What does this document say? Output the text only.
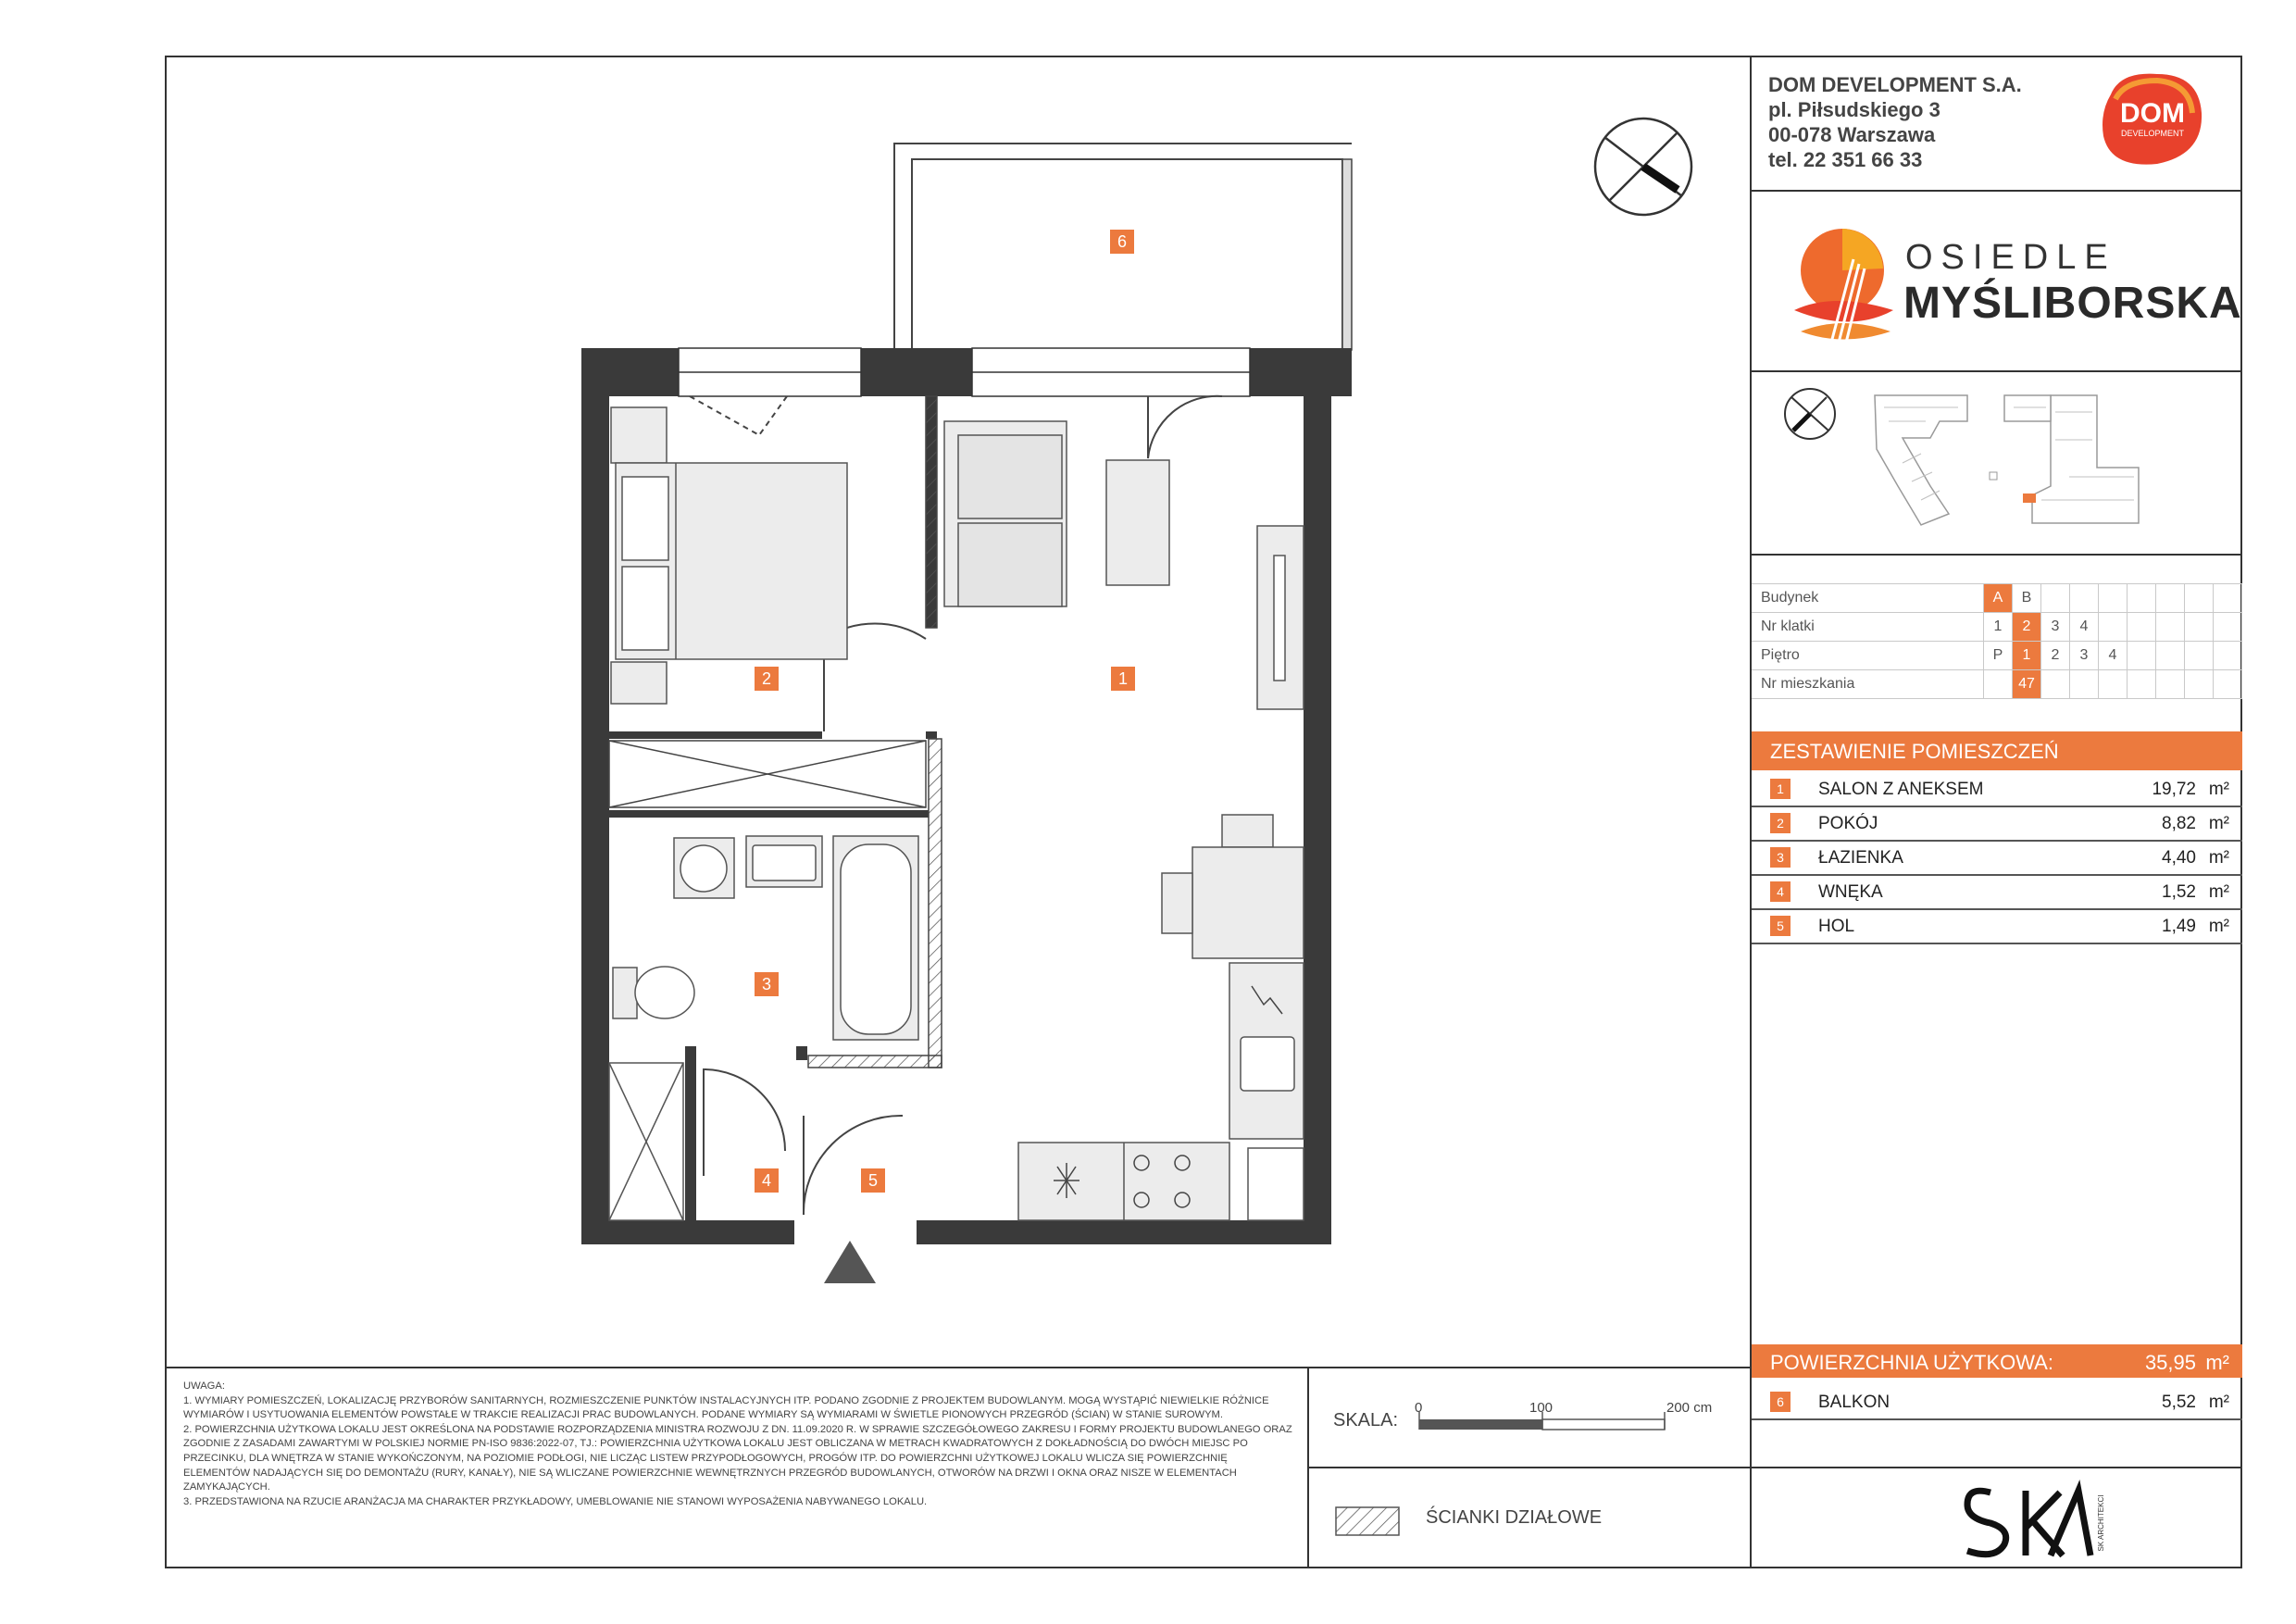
DOM DEVELOPMENT S.A.
pl. Piłsudskiego 3
00-078 Warszawa
tel. 22 351 66 33
DOM
DEVELOPMENT
OSIEDLE
MYŚLIBORSKA
Budynek	A	B							
Nr klatki	1	2	3	4					
Piętro	P	1	2	3	4				
Nr mieszkania		47							
ZESTAWIENIE POMIESZCZEŃ
1	SALON Z ANEKSEM	19,72 m²
2	POKÓJ	8,82 m²
3	ŁAZIENKA	4,40 m²
4	WNĘKA	1,52 m²
5	HOL	1,49 m²
POWIERZCHNIA UŻYTKOWA:	35,95 m²
6	BALKON	5,52 m²
SK ARCHITEKCI
6
1
2
3
4	5

UWAGA:

1. WYMIARY POMIESZCZEŃ, LOKALIZACJĘ PRZYBORÓW SANITARNYCH, ROZMIESZCZENIE PUNKTÓW INSTALACYJNYCH ITP. PODANO ZGODNIE Z PROJEKTEM BUDOWLANYM. MOGĄ WYSTĄPIĆ NIEWIELKIE RÓŻNICE WYMIARÓW I USYTUOWANIA ELEMENTÓW POWSTAŁE W TRAKCIE REALIZACJI PRAC BUDOWLANYCH. PODANE WYMIARY SĄ WYMIARAMI W ŚWIETLE PIONOWYCH PRZEGRÓD (ŚCIAN) W STANIE SUROWYM.

2. POWIERZCHNIA UŻYTKOWA LOKALU JEST OKREŚLONA NA PODSTAWIE ROZPORZĄDZENIA MINISTRA ROZWOJU Z DN. 11.09.2020 R. W SPRAWIE SZCZEGÓŁOWEGO ZAKRESU I FORMY PROJEKTU BUDOWLANEGO ORAZ ZGODNIE Z ZASADAMI ZAWARTYMI W POLSKIEJ NORMIE PN-ISO 9836:2022-07, TJ.: POWIERZCHNIA UŻYTKOWA LOKALU JEST OBLICZANA W METRACH KWADRATOWYCH Z DOKŁADNOŚCIĄ DO DWÓCH MIEJSC PO PRZECINKU, DLA WNĘTRZA W STANIE WYKOŃCZONYM, NA POZIOMIE PODŁOGI, NIE LICZĄC LISTEW PRZYPODŁOGOWYCH, PROGÓW ITP. DO POWIERZCHNI UŻYTKOWEJ LOKALU WLICZA SIĘ POWIERZCHNIĘ ELEMENTÓW NADAJĄCYCH SIĘ DO DEMONTAŻU (RURY, KANAŁY), NIE SĄ WLICZANE POWIERZCHNIE WEWNĘTRZNYCH PRZEGRÓD BUDOWLANYCH, OTWORÓW NA DRZWI I OKNA ORAZ NISZE W ELEMENTACH ZAMYKAJĄCYCH.

3. PRZEDSTAWIONA NA RZUCIE ARANŻACJA MA CHARAKTER PRZYKŁADOWY, UMEBLOWANIE NIE STANOWI WYPOSAŻENIA NABYWANEGO LOKALU.

SKALA:
0	100	200 cm
ŚCIANKI DZIAŁOWE
